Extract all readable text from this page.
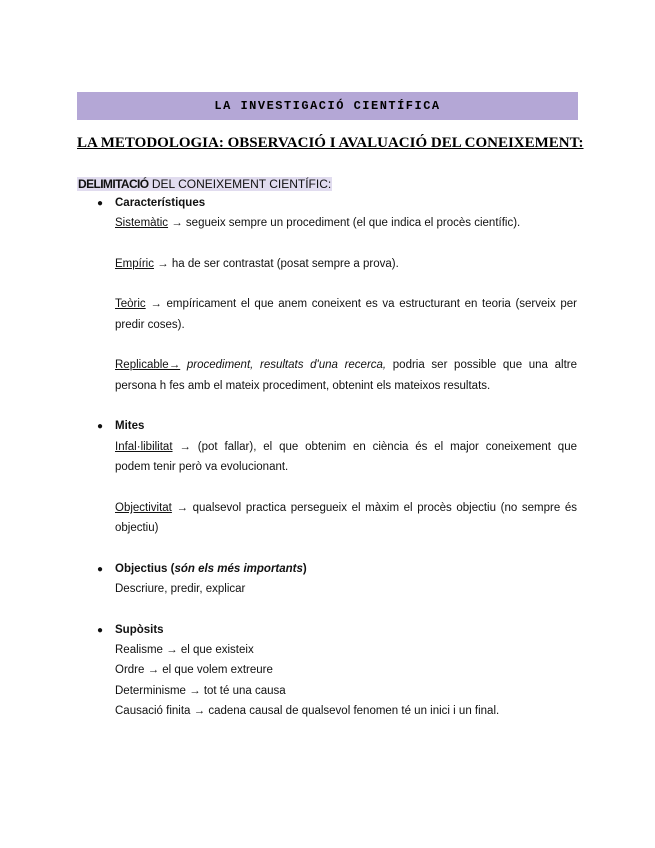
LA INVESTIGACIÓ CIENTÍFICA
LA METODOLOGIA: OBSERVACIÓ I AVALUACIÓ DEL CONEIXEMENT:
DELIMITACIÓ DEL CONEIXEMENT CIENTÍFIC:
● Característiques
Sistemàtic → segueix sempre un procediment (el que indica el procès científic).
Empíric → ha de ser contrastat (posat sempre a prova).
Teòric → empíricament el que anem coneixent es va estructurant en teoria (serveix per
predir coses).
Replicable→ procediment, resultats d'una recerca, podria ser possible que una altre
persona h fes amb el mateix procediment, obtenint els mateixos resultats.
● Mites
Infal·libilitat → (pot fallar), el que obtenim en ciència és el major coneixement que
podem tenir però va evolucionant.
Objectivitat → qualsevol practica persegueix el màxim el procès objectiu (no sempre és
objectiu)
● Objectius (són els més importants)
Descriure, predir, explicar
● Supòsits
Realisme → el que existeix
Ordre → el que volem extreure
Determinisme → tot té una causa
Causació finita → cadena causal de qualsevol fenomen té un inici i un final.
